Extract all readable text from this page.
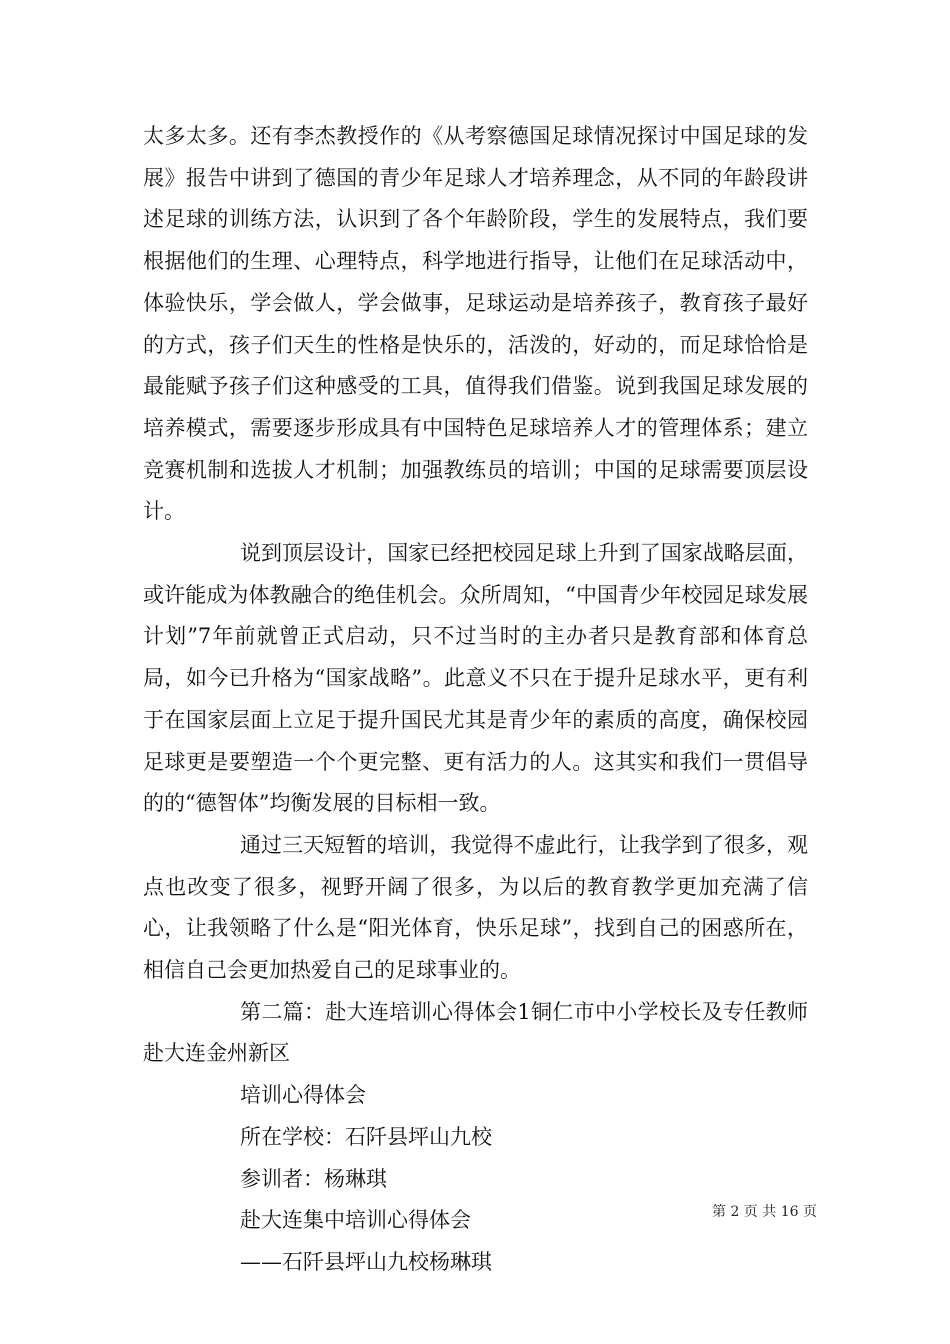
太多太多。还有李杰教授作的《从考察德国足球情况探讨中国足球的发展》报告中讲到了德国的青少年足球人才培养理念，从不同的年龄段讲述足球的训练方法，认识到了各个年龄阶段，学生的发展特点，我们要根据他们的生理、心理特点，科学地进行指导，让他们在足球活动中，体验快乐，学会做人，学会做事，足球运动是培养孩子，教育孩子最好的方式，孩子们天生的性格是快乐的，活泼的，好动的，而足球恰恰是最能赋予孩子们这种感受的工具，值得我们借鉴。说到我国足球发展的培养模式，需要逐步形成具有中国特色足球培养人才的管理体系；建立竞赛机制和选拔人才机制；加强教练员的培训；中国的足球需要顶层设计。

说到顶层设计，国家已经把校园足球上升到了国家战略层面，或许能成为体教融合的绝佳机会。众所周知，“中国青少年校园足球发展计划”7年前就曾正式启动，只不过当时的主办者只是教育部和体育总局，如今已升格为“国家战略”。此意义不只在于提升足球水平，更有利于在国家层面上立足于提升国民尤其是青少年的素质的高度，确保校园足球更是要塑造一个个更完整、更有活力的人。这其实和我们一贯倡导的的“德智体”均衡发展的目标相一致。

通过三天短暂的培训，我觉得不虚此行，让我学到了很多，观点也改变了很多，视野开阔了很多，为以后的教育教学更加充满了信心，让我领略了什么是“阳光体育，快乐足球”，找到自己的困惑所在，相信自己会更加热爱自己的足球事业的。

第二篇：赴大连培训心得体会1铜仁市中小学校长及专任教师赴大连金州新区

培训心得体会

所在学校：石阡县坪山九校

参训者：杨琳琪

赴大连集中培训心得体会

——石阡县坪山九校杨琳琪

第 2 页 共 16 页
